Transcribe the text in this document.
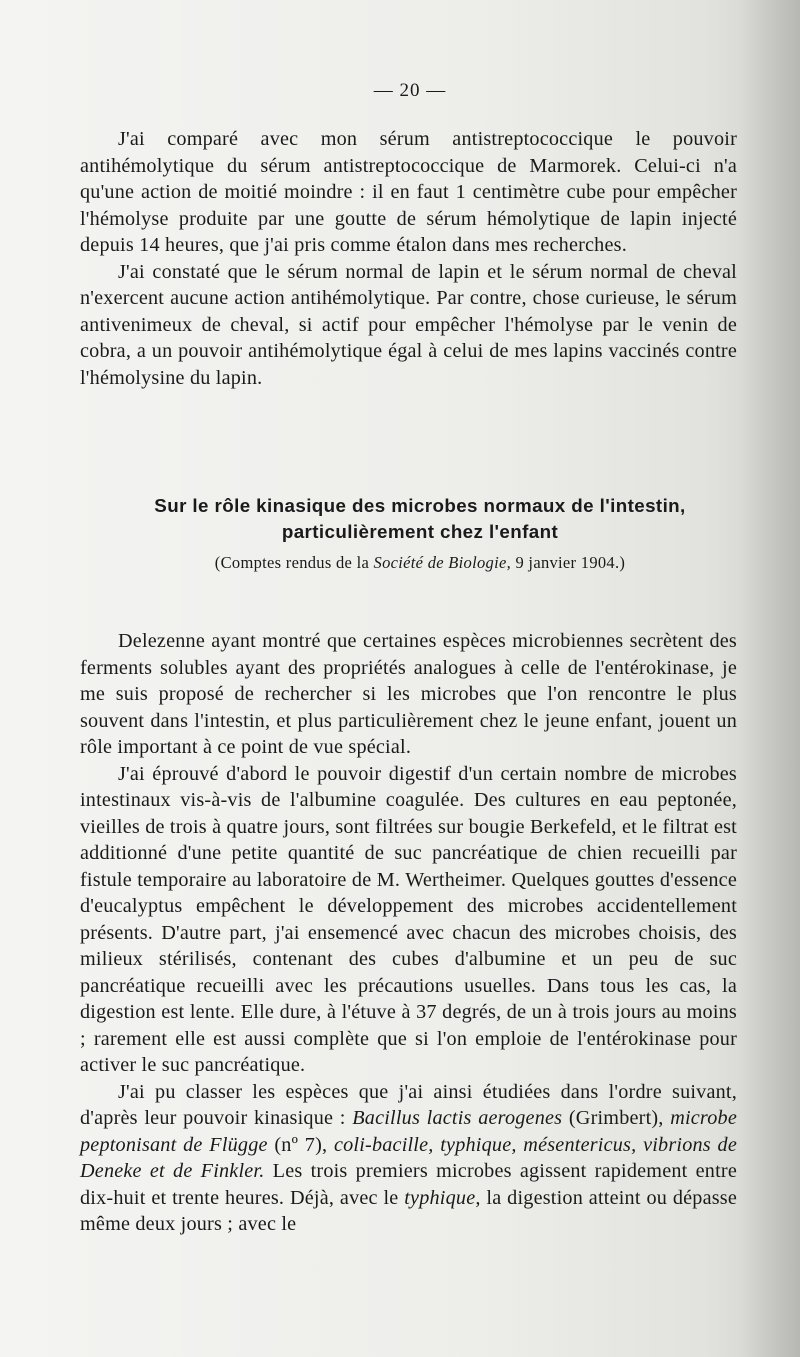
— 20 —

J'ai comparé avec mon sérum antistreptococcique le pouvoir antihémolytique du sérum antistreptococcique de Marmorek. Celui-ci n'a qu'une action de moitié moindre : il en faut 1 centimètre cube pour empêcher l'hémolyse produite par une goutte de sérum hémolytique de lapin injecté depuis 14 heures, que j'ai pris comme étalon dans mes recherches.

J'ai constaté que le sérum normal de lapin et le sérum normal de cheval n'exercent aucune action antihémolytique. Par contre, chose curieuse, le sérum antivenimeux de cheval, si actif pour empêcher l'hémolyse par le venin de cobra, a un pouvoir antihémolytique égal à celui de mes lapins vaccinés contre l'hémolysine du lapin.

Sur le rôle kinasique des microbes normaux de l'intestin,
particulièrement chez l'enfant
(Comptes rendus de la Société de Biologie, 9 janvier 1904.)

Delezenne ayant montré que certaines espèces microbiennes secrètent des ferments solubles ayant des propriétés analogues à celle de l'entérokinase, je me suis proposé de rechercher si les microbes que l'on rencontre le plus souvent dans l'intestin, et plus particulièrement chez le jeune enfant, jouent un rôle important à ce point de vue spécial.

J'ai éprouvé d'abord le pouvoir digestif d'un certain nombre de microbes intestinaux vis-à-vis de l'albumine coagulée. Des cultures en eau peptonée, vieilles de trois à quatre jours, sont filtrées sur bougie Berkefeld, et le filtrat est additionné d'une petite quantité de suc pancréatique de chien recueilli par fistule temporaire au laboratoire de M. Wertheimer. Quelques gouttes d'essence d'eucalyptus empêchent le développement des microbes accidentellement présents. D'autre part, j'ai ensemencé avec chacun des microbes choisis, des milieux stérilisés, contenant des cubes d'albumine et un peu de suc pancréatique recueilli avec les précautions usuelles. Dans tous les cas, la digestion est lente. Elle dure, à l'étuve à 37 degrés, de un à trois jours au moins ; rarement elle est aussi complète que si l'on emploie de l'entérokinase pour activer le suc pancréatique.

J'ai pu classer les espèces que j'ai ainsi étudiées dans l'ordre suivant, d'après leur pouvoir kinasique : Bacillus lactis aerogenes (Grimbert), microbe peptonisant de Flügge (nº 7), coli-bacille, typhique, mésentericus, vibrions de Deneke et de Finkler. Les trois premiers microbes agissent rapidement entre dix-huit et trente heures. Déjà, avec le typhique, la digestion atteint ou dépasse même deux jours ; avec le
